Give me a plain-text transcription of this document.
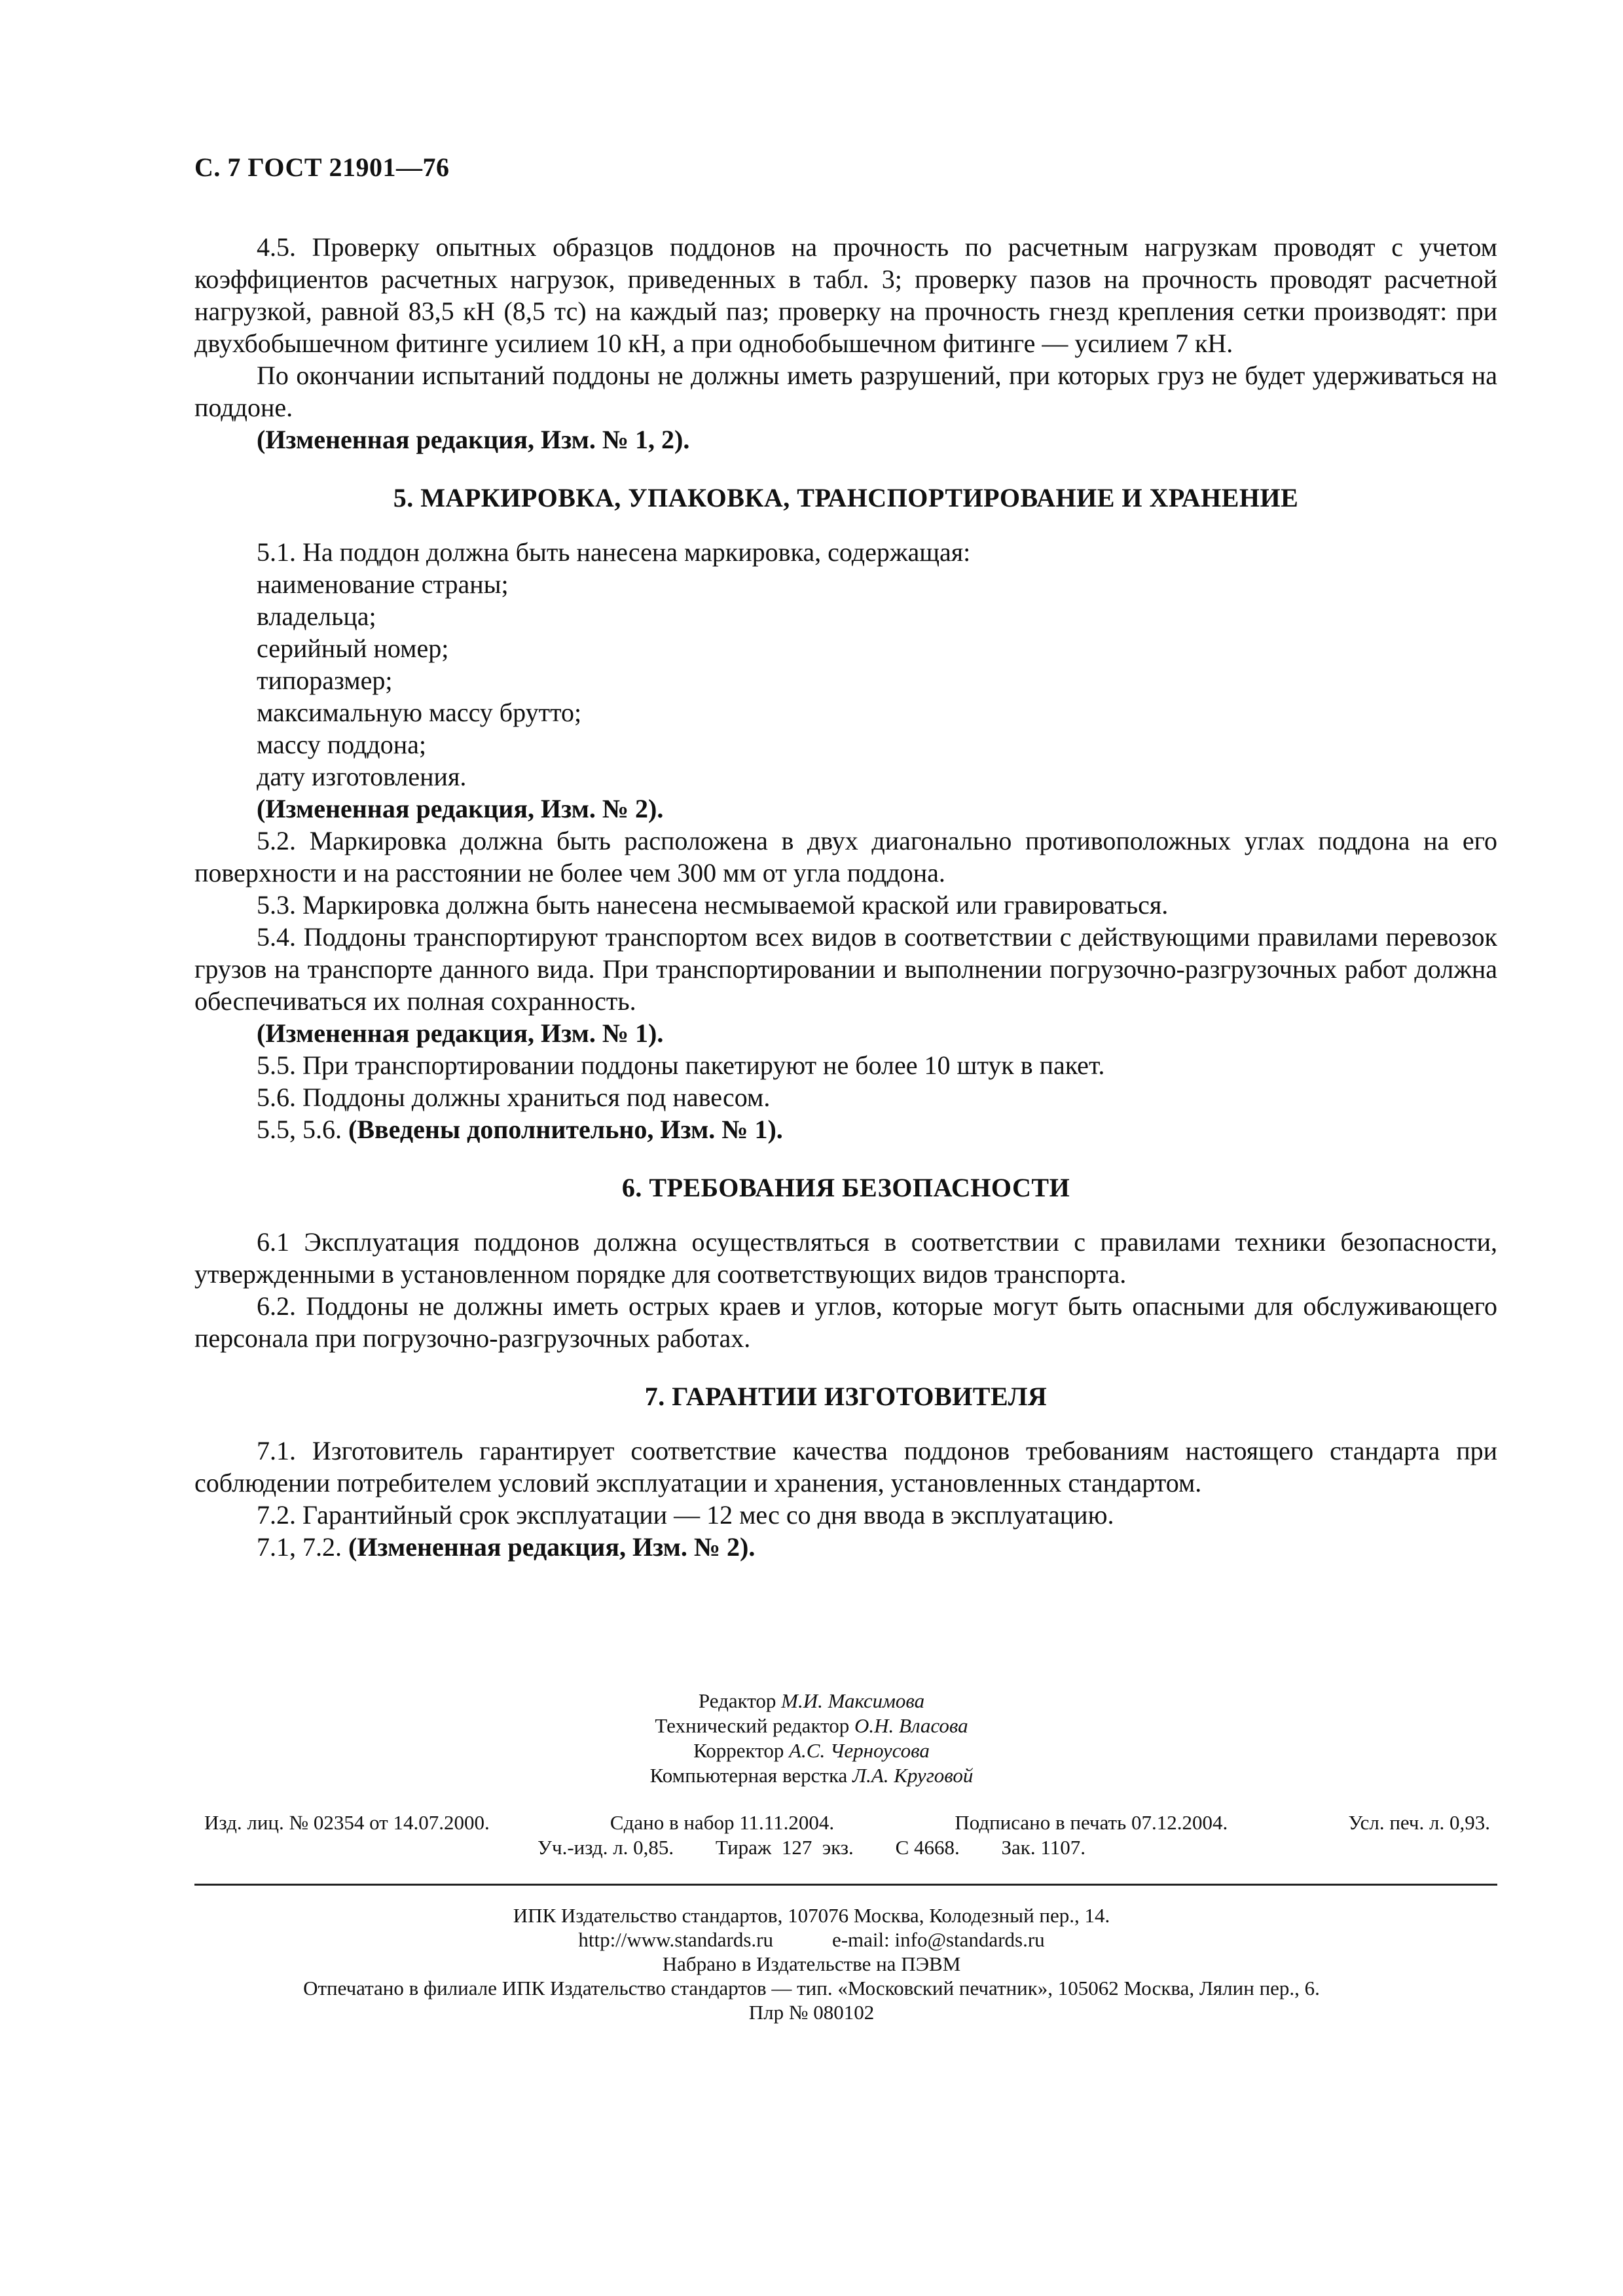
С. 7 ГОСТ 21901—76

4.5. Проверку опытных образцов поддонов на прочность по расчетным нагрузкам проводят с учетом коэффициентов расчетных нагрузок, приведенных в табл. 3; проверку пазов на прочность проводят расчетной нагрузкой, равной 83,5 кН (8,5 тс) на каждый паз; проверку на прочность гнезд крепления сетки производят: при двухбобышечном фитинге усилием 10 кН, а при однобобышечном фитинге — усилием 7 кН.

По окончании испытаний поддоны не должны иметь разрушений, при которых груз не будет удерживаться на поддоне.

(Измененная редакция, Изм. № 1, 2).

5. МАРКИРОВКА, УПАКОВКА, ТРАНСПОРТИРОВАНИЕ И ХРАНЕНИЕ

5.1. На поддон должна быть нанесена маркировка, содержащая:

наименование страны;

владельца;

серийный номер;

типоразмер;

максимальную массу брутто;

массу поддона;

дату изготовления.

(Измененная редакция, Изм. № 2).

5.2. Маркировка должна быть расположена в двух диагонально противоположных углах поддона на его поверхности и на расстоянии не более чем 300 мм от угла поддона.

5.3. Маркировка должна быть нанесена несмываемой краской или гравироваться.

5.4. Поддоны транспортируют транспортом всех видов в соответствии с действующими правилами перевозок грузов на транспорте данного вида. При транспортировании и выполнении погрузочно-разгрузочных работ должна обеспечиваться их полная сохранность.

(Измененная редакция, Изм. № 1).

5.5. При транспортировании поддоны пакетируют не более 10 штук в пакет.

5.6. Поддоны должны храниться под навесом.

5.5, 5.6. (Введены дополнительно, Изм. № 1).

6. ТРЕБОВАНИЯ БЕЗОПАСНОСТИ

6.1 Эксплуатация поддонов должна осуществляться в соответствии с правилами техники безопасности, утвержденными в установленном порядке для соответствующих видов транспорта.

6.2. Поддоны не должны иметь острых краев и углов, которые могут быть опасными для обслуживающего персонала при погрузочно-разгрузочных работах.

7. ГАРАНТИИ ИЗГОТОВИТЕЛЯ

7.1. Изготовитель гарантирует соответствие качества поддонов требованиям настоящего стандарта при соблюдении потребителем условий эксплуатации и хранения, установленных стандартом.

7.2. Гарантийный срок эксплуатации — 12 мес со дня ввода в эксплуатацию.

7.1, 7.2. (Измененная редакция, Изм. № 2).

Редактор М.И. Максимова
Технический редактор О.Н. Власова
Корректор А.С. Черноусова
Компьютерная верстка Л.А. Круговой
Изд. лиц. № 02354 от 14.07.2000.	Сдано в набор 11.11.2004.	Подписано в печать 07.12.2004.	Усл. печ. л. 0,93.
Уч.-изд. л. 0,85. Тираж  127  экз. С 4668. Зак. 1107.
ИПК Издательство стандартов, 107076 Москва, Колодезный пер., 14.
http://www.standards.ru	e-mail: info@standards.ru
Набрано в Издательстве на ПЭВМ
Отпечатано в филиале ИПК Издательство стандартов — тип. «Московский печатник», 105062 Москва, Лялин пер., 6.
Плр № 080102
